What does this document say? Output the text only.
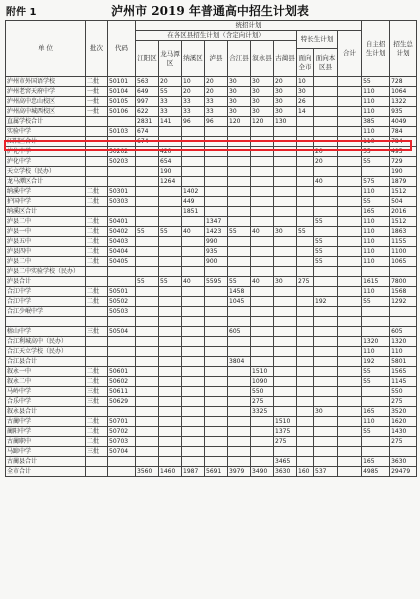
附件 1	泸州市 2019 年普通高中招生计划表
单 位	批次	代码	统招计划										自主招生计划	招生总计划
			在各区县招生计划（含定向计划）							特长生计划		合计		
			江阳区	龙马潭区	纳溪区	泸县	合江县	叙永县	古蔺县					
										面向全市	面向本区县			
泸州市外国语学校	二批	50101	563	20	10	20	30	30	20	10			55	728
泸州老窖天府中学	一批	50104	649	55	20	20	30	30	30	30			110	1064
泸州高中忠山校区	一批	50105	997	33	33	33	30	30	30	26			110	1322
泸州高中城西校区	一批	50106	622	33	33	33	30	30	30	14			110	935
直属学校合计			2831	141	96	96	120	120	130				385	4049
实验中学		50103	674										110	784
江阳区合计			674										110	784
泸化中学		50202		420							20		55	495
泸化中学		50203		654							20		55	729
天立学校（民办）				190										190
龙马潭区合计				1264							40		575	1879
纳溪中学	二批	50301			1402								110	1512
护国中学	二批	50303			449								55	504
纳溪区合计					1851								165	2016
泸县二中	二批	50401				1347					55		110	1512
泸县一中	二批	50402	55	55	40	1423	55	40	30	55			110	1863
泸县五中	二批	50403				990					55		110	1155
泸县四中	二批	50404				935					55		110	1100
泸县二中	二批	50405				900					55		110	1065
泸县二中实验学校（民办）														
泸县合计			55	55	40	5595	55	40	30	275			1615	7800
合江中学	二批	50501					1458						110	1568
合江中学	二批	50502					1045				192		55	1292
合江少岷中学		50503												

榕山中学	三批	50504					605							605
合江利城高中（民办）													1320	1320
合江天立学校（民办）													110	110
合江县合计							3804						192	5801
叙永一中	二批	50601						1510					55	1565
叙永二中	二批	50602						1090					55	1145
马岭中学	三批	50611						550						550
合乐中学	三批	50629						275						275
叙永县合计								3325			30		165	3520
古蔺中学	二批	50701							1510				110	1620
蔺阳中学	二批	50702							1375				55	1430
古蔺职中	二批	50703							275					275
马蹄中学	三批	50704												
古蔺县合计									3465				165	3630
全市合计			3560	1460	1987	5691	3979	3490	3630	160	537		4985	29479
